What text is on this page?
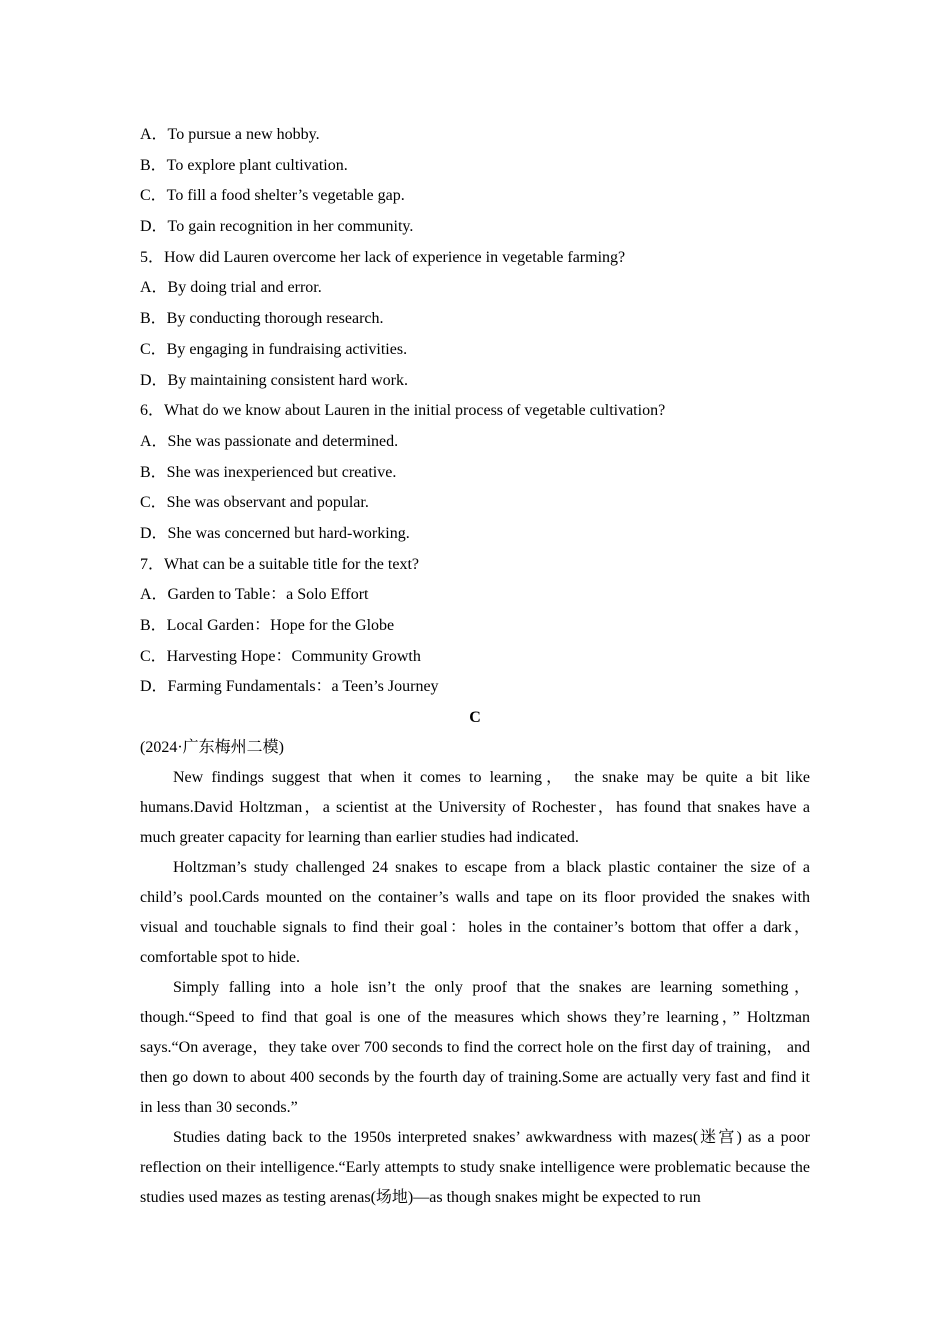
A．To pursue a new hobby.
B．To explore plant cultivation.
C．To fill a food shelter’s vegetable gap.
D．To gain recognition in her community.
5．How did Lauren overcome her lack of experience in vegetable farming?
A．By doing trial and error.
B．By conducting thorough research.
C．By engaging in fundraising activities.
D．By maintaining consistent hard work.
6．What do we know about Lauren in the initial process of vegetable cultivation?
A．She was passionate and determined.
B．She was inexperienced but creative.
C．She was observant and popular.
D．She was concerned but hard-working.
7．What can be a suitable title for the text?
A．Garden to Table：a Solo Effort
B．Local Garden：Hope for the Globe
C．Harvesting Hope：Community Growth
D．Farming Fundamentals：a Teen’s Journey
C
(2024·广东梅州二模)

New findings suggest that when it comes to learning， the snake may be quite a bit like humans.David Holtzman，a scientist at the University of Rochester，has found that snakes have a much greater capacity for learning than earlier studies had indicated.

Holtzman’s study challenged 24 snakes to escape from a black plastic container the size of a child’s pool.Cards mounted on the container’s walls and tape on its floor provided the snakes with visual and touchable signals to find their goal：holes in the container’s bottom that offer a dark，comfortable spot to hide.

Simply falling into a hole isn’t the only proof that the snakes are learning something， though.“Speed to find that goal is one of the measures which shows they’re learning，” Holtzman says.“On average，they take over 700 seconds to find the correct hole on the first day of training， and then go down to about 400 seconds by the fourth day of training.Some are actually very fast and find it in less than 30 seconds.”

Studies dating back to the 1950s interpreted snakes’ awkwardness with mazes(迷宫) as a poor reflection on their intelligence.“Early attempts to study snake intelligence were problematic because the studies used mazes as testing arenas(场地)—as though snakes might be expected to run
